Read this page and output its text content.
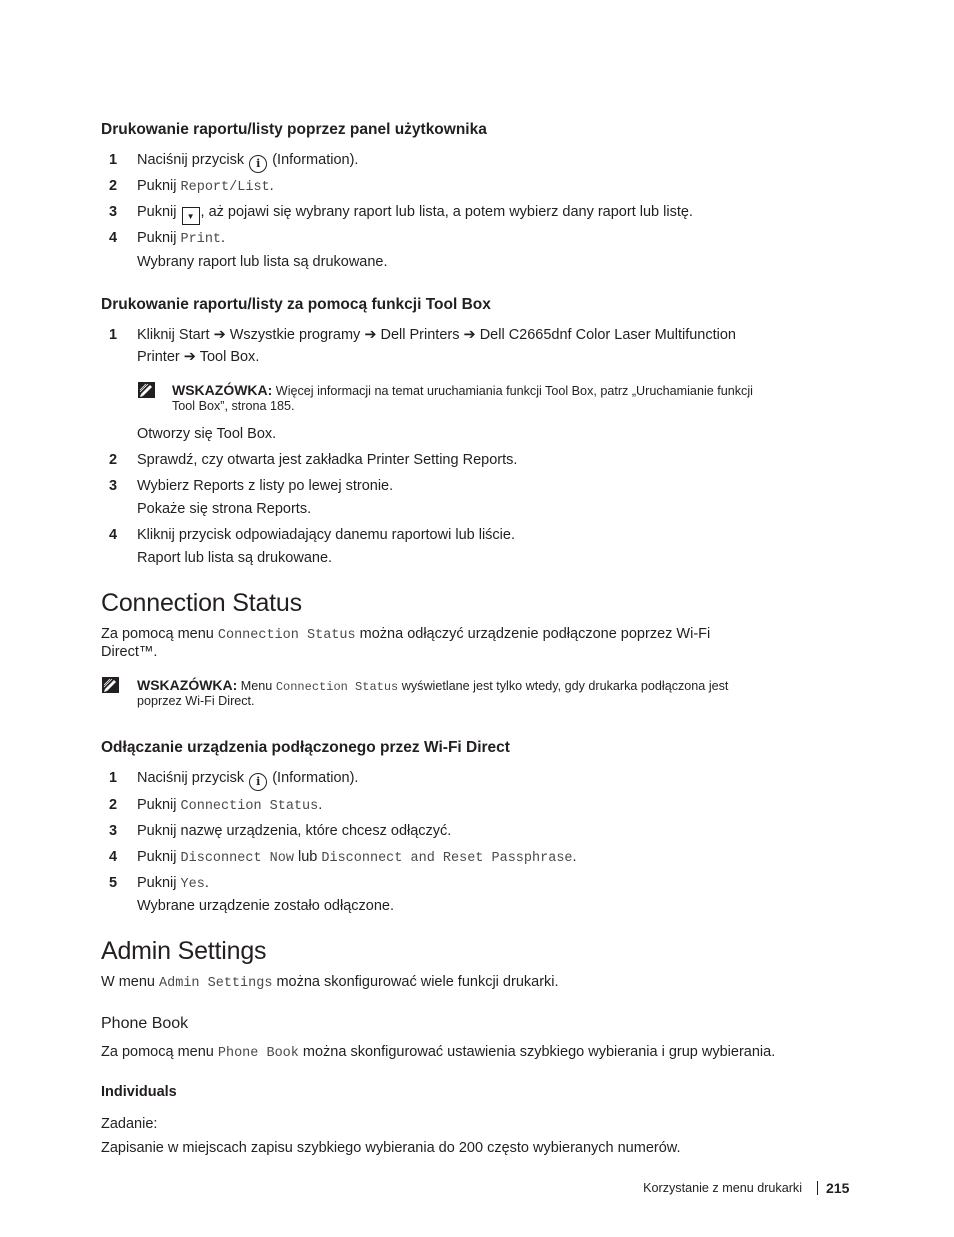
Drukowanie raportu/listy poprzez panel użytkownika
1 Naciśnij przycisk i (Information).
2 Puknij Report/List.
3 Puknij ▼ , aż pojawi się wybrany raport lub lista, a potem wybierz dany raport lub listę.
4 Puknij Print.
Wybrany raport lub lista są drukowane.
Drukowanie raportu/listy za pomocą funkcji Tool Box
1 Kliknij Start ➔ Wszystkie programy ➔ Dell Printers ➔ Dell C2665dnf Color Laser Multifunction
Printer ➔ Tool Box.
WSKAZÓWKA: Więcej informacji na temat uruchamiania funkcji Tool Box, patrz „Uruchamianie funkcji
Tool Box”, strona 185.
Otworzy się Tool Box.
2 Sprawdź, czy otwarta jest zakładka Printer Setting Reports.
3 Wybierz Reports z listy po lewej stronie.
Pokaże się strona Reports.
4 Kliknij przycisk odpowiadający danemu raportowi lub liście.
Raport lub lista są drukowane.
Connection Status
Za pomocą menu Connection Status można odłączyć urządzenie podłączone poprzez Wi-Fi
Direct™.
WSKAZÓWKA: Menu Connection Status wyświetlane jest tylko wtedy, gdy drukarka podłączona jest
poprzez Wi-Fi Direct.
Odłączanie urządzenia podłączonego przez Wi-Fi Direct
1 Naciśnij przycisk i (Information).
2 Puknij Connection Status.
3 Puknij nazwę urządzenia, które chcesz odłączyć.
4 Puknij Disconnect Now lub Disconnect and Reset Passphrase.
5 Puknij Yes.
Wybrane urządzenie zostało odłączone.
Admin Settings
W menu Admin Settings można skonfigurować wiele funkcji drukarki.
Phone Book
Za pomocą menu Phone Book można skonfigurować ustawienia szybkiego wybierania i grup wybierania.
Individuals
Zadanie:
Zapisanie w miejscach zapisu szybkiego wybierania do 200 często wybieranych numerów.
Korzystanie z menu drukarki 215
